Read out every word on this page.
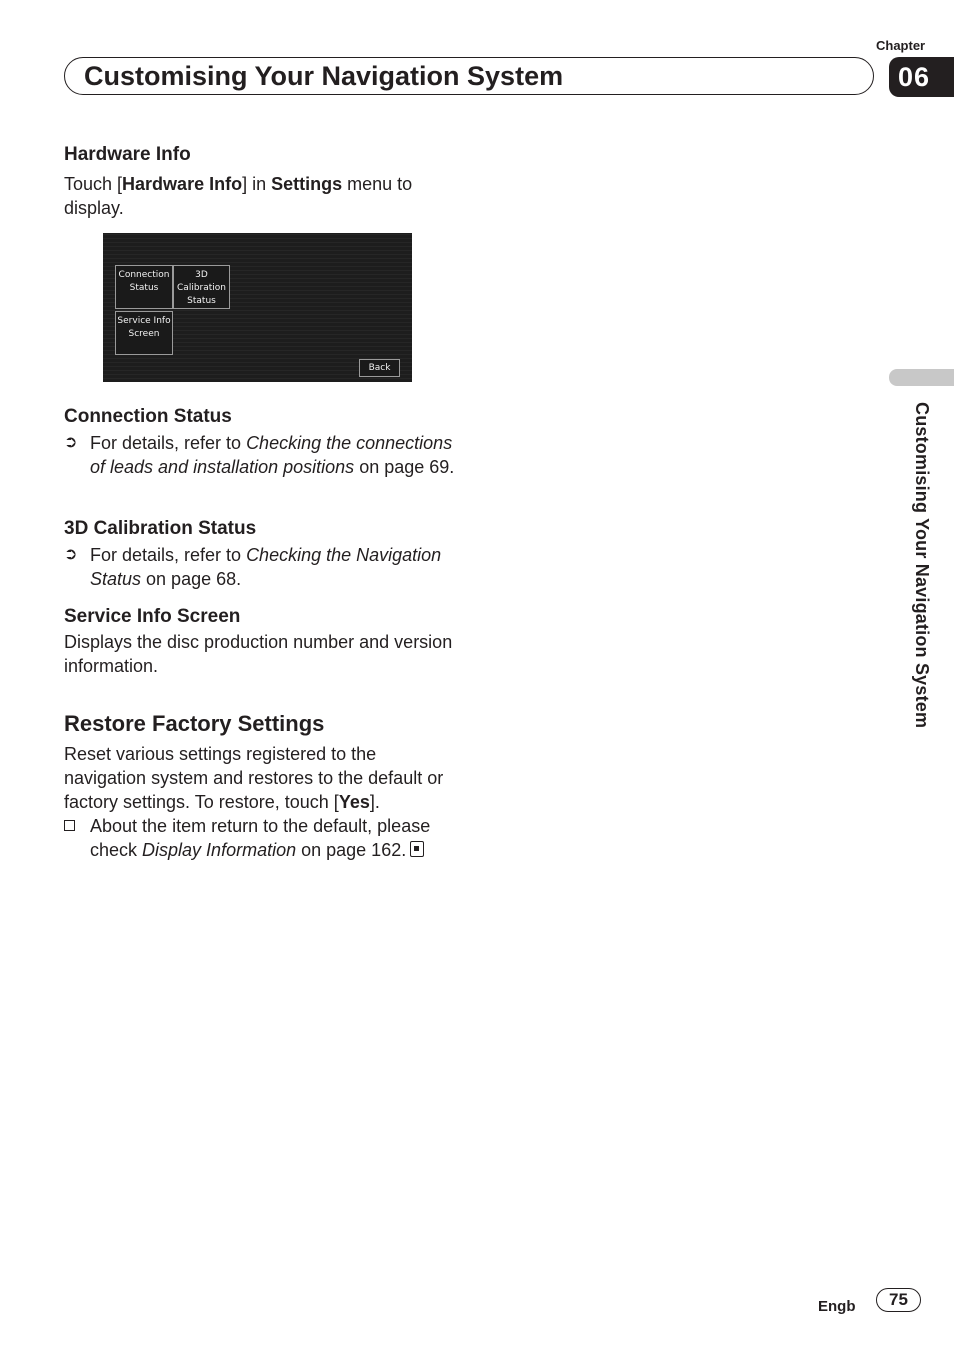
Chapter
06
Customising Your Navigation System
Customising Your Navigation System

Hardware Info

Touch [Hardware Info] in Settings menu to display.

Connection
Status
3D
Calibration
Status
Service Info
Screen
Back

Connection Status

➲ For details, refer to Checking the connections of leads and installation positions on page 69.

3D Calibration Status

➲ For details, refer to Checking the Navigation Status on page 68.

Service Info Screen

Displays the disc production number and version information.

Restore Factory Settings

Reset various settings registered to the navigation system and restores to the default or factory settings. To restore, touch [Yes].

About the item return to the default, please check Display Information on page 162.
Engb	75
